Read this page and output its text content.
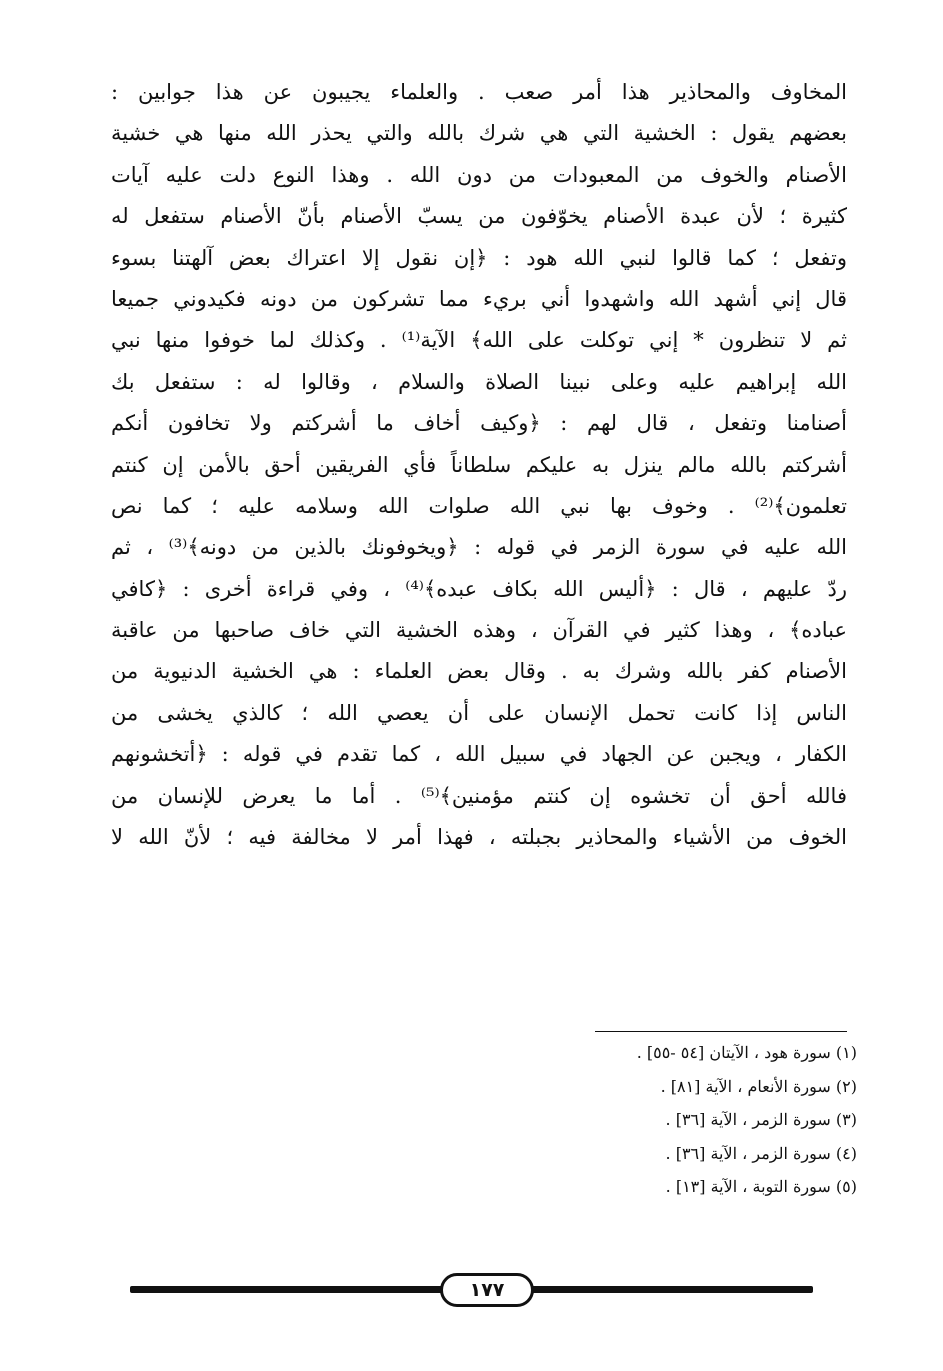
المخاوف والمحاذير هذا أمر صعب . والعلماء يجيبون عن هذا جوابين :
بعضهم يقول : الخشية التي هي شرك بالله والتي يحذر الله منها هي خشية
الأصنام والخوف من المعبودات من دون الله . وهذا النوع دلت عليه آيات
كثيرة ؛ لأن عبدة الأصنام يخوّفون من يسبّ الأصنام بأنّ الأصنام ستفعل له
وتفعل ؛ كما قالوا لنبي الله هود : ﴿إن نقول إلا اعتراك بعض آلهتنا بسوء
قال إني أشهد الله واشهدوا أني بريء مما تشركون من دونه فكيدوني جميعا
ثم لا تنظرون * إني توكلت على الله﴾ الآية⁽¹⁾ . وكذلك لما خوفوا منها نبي
الله إبراهيم عليه وعلى نبينا الصلاة والسلام ، وقالوا له : ستفعل بك
أصنامنا وتفعل ، قال لهم : ﴿وكيف أخاف ما أشركتم ولا تخافون أنكم
أشركتم بالله مالم ينزل به عليكم سلطاناً فأي الفريقين أحق بالأمن إن كنتم
تعلمون﴾⁽²⁾ . وخوف بها نبي الله صلوات الله وسلامه عليه ؛ كما نص
الله عليه في سورة الزمر في قوله : ﴿ويخوفونك بالذين من دونه﴾⁽³⁾ ، ثم
ردّ عليهم ، قال : ﴿أليس الله بكاف عبده﴾⁽⁴⁾ ، وفي قراءة أخرى : ﴿كافي
عباده﴾ ، وهذا كثير في القرآن ، وهذه الخشية التي خاف صاحبها من عاقبة
الأصنام كفر بالله وشرك به . وقال بعض العلماء : هي الخشية الدنيوية من
الناس إذا كانت تحمل الإنسان على أن يعصي الله ؛ كالذي يخشى من
الكفار ، ويجبن عن الجهاد في سبيل الله ، كما تقدم في قوله : ﴿أتخشونهم
فالله أحق أن تخشوه إن كنتم مؤمنين﴾⁽⁵⁾ . أما ما يعرض للإنسان من
الخوف من الأشياء والمحاذير بجبلته ، فهذا أمر لا مخالفة فيه ؛ لأنّ الله لا
(١) سورة هود ، الآيتان [٥٤ -٥٥] .
(٢) سورة الأنعام ، الآية [٨١] .
(٣) سورة الزمر ، الآية [٣٦] .
(٤) سورة الزمر ، الآية [٣٦] .
(٥) سورة التوبة ، الآية [١٣] .
١٧٧
